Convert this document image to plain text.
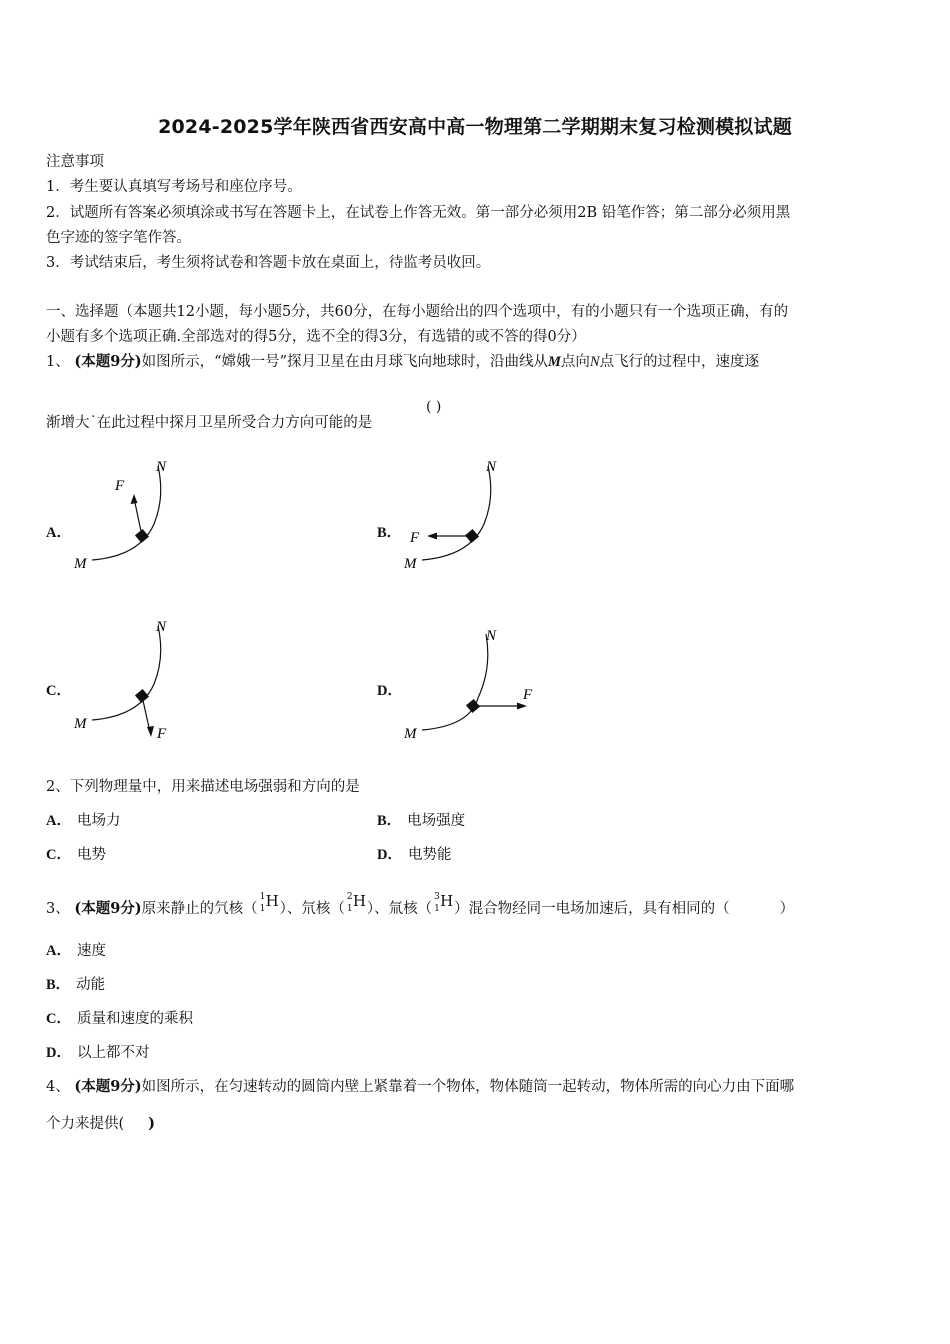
2024-2025学年陕西省西安高中高一物理第二学期期末复习检测模拟试题
注意事项
1．考生要认真填写考场号和座位序号。
2．试题所有答案必须填涂或书写在答题卡上，在试卷上作答无效。第一部分必须用2B 铅笔作答；第二部分必须用黑
色字迹的签字笔作答。
3．考试结束后，考生须将试卷和答题卡放在桌面上，待监考员收回。
一、选择题（本题共12小题，每小题5分，共60分，在每小题给出的四个选项中，有的小题只有一个选项正确，有的
小题有多个选项正确.全部选对的得5分，选不全的得3分，有选错的或不答的得0分）
1、 (本题9分)如图所示，“嫦娥一号”探月卫星在由月球飞向地球时，沿曲线从M点向N点飞行的过程中，速度逐
渐增大˙在此过程中探月卫星所受合力方向可能的是
( )
A．	B．
C．	D．
F
N
M
F
N
M
F
N
M
F
N
M
2、下列物理量中，用来描述电场强弱和方向的是
A． 电场力	B． 电场强度
C． 电势	D． 电势能
3、 (本题9分)原来静止的氕核（
1
1 H ）、氘核（
2
1 H ）、氚核（
3
1 H ）混合物经同一电场加速后，具有相同的（	）
A． 速度
B． 动能
C． 质量和速度的乘积
D． 以上都不对
4、 (本题9分)如图所示，在匀速转动的圆筒内壁上紧靠着一个物体，物体随筒一起转动，物体所需的向心力由下面哪
个力来提供( )
